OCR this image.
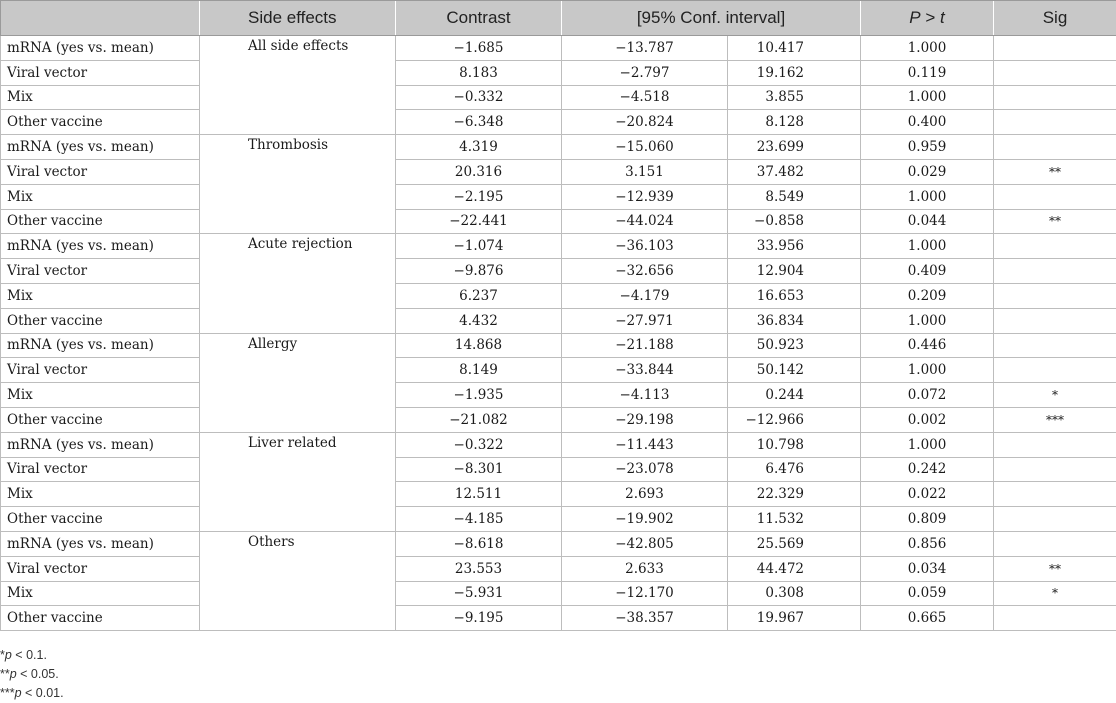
	Side effects	Contrast	[95% Conf. interval]		P > t	Sig
mRNA (yes vs. mean)	All side effects	−1.685	−13.787	10.417	1.000	
Viral vector		8.183	−2.797	19.162	0.119	
Mix		−0.332	−4.518	3.855	1.000	
Other vaccine		−6.348	−20.824	8.128	0.400	
mRNA (yes vs. mean)	Thrombosis	4.319	−15.060	23.699	0.959	
Viral vector		20.316	3.151	37.482	0.029	**
Mix		−2.195	−12.939	8.549	1.000	
Other vaccine		−22.441	−44.024	−0.858	0.044	**
mRNA (yes vs. mean)	Acute rejection	−1.074	−36.103	33.956	1.000	
Viral vector		−9.876	−32.656	12.904	0.409	
Mix		6.237	−4.179	16.653	0.209	
Other vaccine		4.432	−27.971	36.834	1.000	
mRNA (yes vs. mean)	Allergy	14.868	−21.188	50.923	0.446	
Viral vector		8.149	−33.844	50.142	1.000	
Mix		−1.935	−4.113	0.244	0.072	*
Other vaccine		−21.082	−29.198	−12.966	0.002	***
mRNA (yes vs. mean)	Liver related	−0.322	−11.443	10.798	1.000	
Viral vector		−8.301	−23.078	6.476	0.242	
Mix		12.511	2.693	22.329	0.022	
Other vaccine		−4.185	−19.902	11.532	0.809	
mRNA (yes vs. mean)	Others	−8.618	−42.805	25.569	0.856	
Viral vector		23.553	2.633	44.472	0.034	**
Mix		−5.931	−12.170	0.308	0.059	*
Other vaccine		−9.195	−38.357	19.967	0.665	
*p < 0.1.
**p < 0.05.
***p < 0.01.
